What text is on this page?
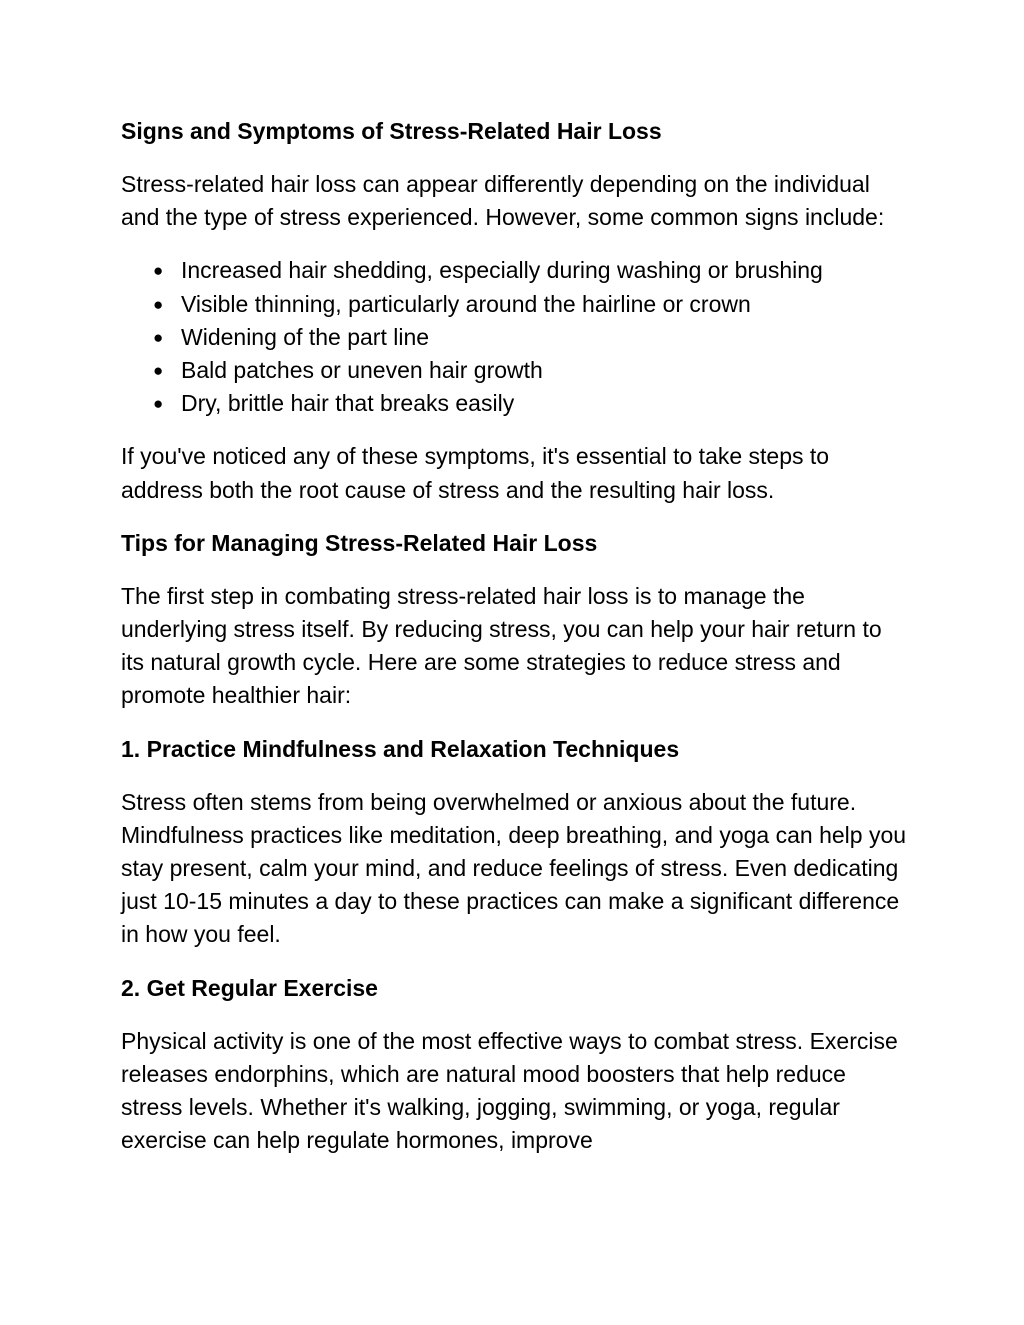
Signs and Symptoms of Stress-Related Hair Loss

Stress-related hair loss can appear differently depending on the individual and the type of stress experienced. However, some common signs include:

● Increased hair shedding, especially during washing or brushing
● Visible thinning, particularly around the hairline or crown
● Widening of the part line
● Bald patches or uneven hair growth
● Dry, brittle hair that breaks easily

If you've noticed any of these symptoms, it's essential to take steps to address both the root cause of stress and the resulting hair loss.

Tips for Managing Stress-Related Hair Loss

The first step in combating stress-related hair loss is to manage the underlying stress itself. By reducing stress, you can help your hair return to its natural growth cycle. Here are some strategies to reduce stress and promote healthier hair:

1. Practice Mindfulness and Relaxation Techniques

Stress often stems from being overwhelmed or anxious about the future. Mindfulness practices like meditation, deep breathing, and yoga can help you stay present, calm your mind, and reduce feelings of stress. Even dedicating just 10-15 minutes a day to these practices can make a significant difference in how you feel.

2. Get Regular Exercise

Physical activity is one of the most effective ways to combat stress. Exercise releases endorphins, which are natural mood boosters that help reduce stress levels. Whether it's walking, jogging, swimming, or yoga, regular exercise can help regulate hormones, improve
